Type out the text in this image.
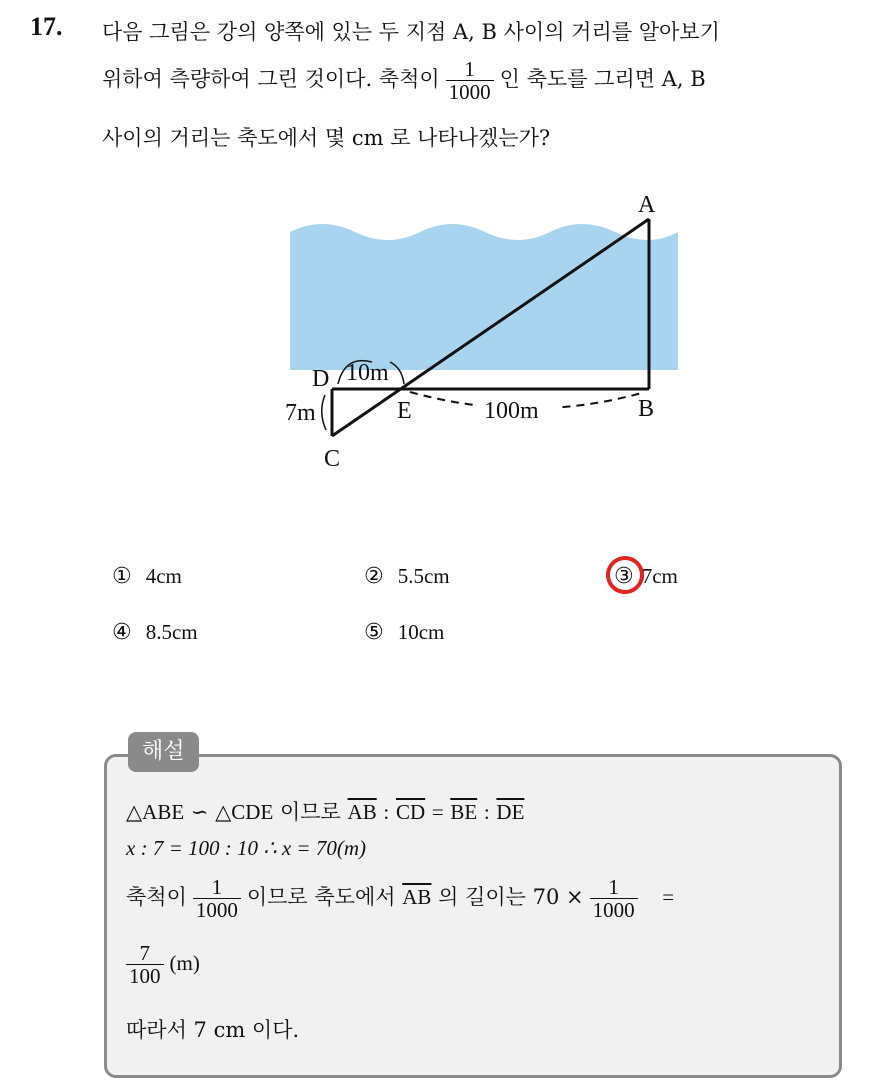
17. 다음 그림은 강의 양쪽에 있는 두 지점 A, B 사이의 거리를 알아보기
위하여 측량하여 그린 것이다. 축척이 $\frac{1}{1000}$ 인 축도를 그리면 A, B
사이의 거리는 축도에서 몇 cm 로 나타나겠는가?
A
B
C
D
E
10m
7m	100m
① 4cm	② 5.5cm	③ 7cm
④ 8.5cm	⑤ 10cm
해설
△ABE ∽ △CDE 이므로 $\overline{AB}$ : $\overline{CD} = \overline{BE}$ : $\overline{DE}$
x : 7 = 100 : 10 ∴ x = 70(m)
축척이 $\frac{1}{1000}$ 이므로 축도에서 $\overline{AB}$ 의 길이는 $70 \times \frac{1}{1000}$ =
$\frac{7}{100} (m)$
따라서 7 cm 이다.
